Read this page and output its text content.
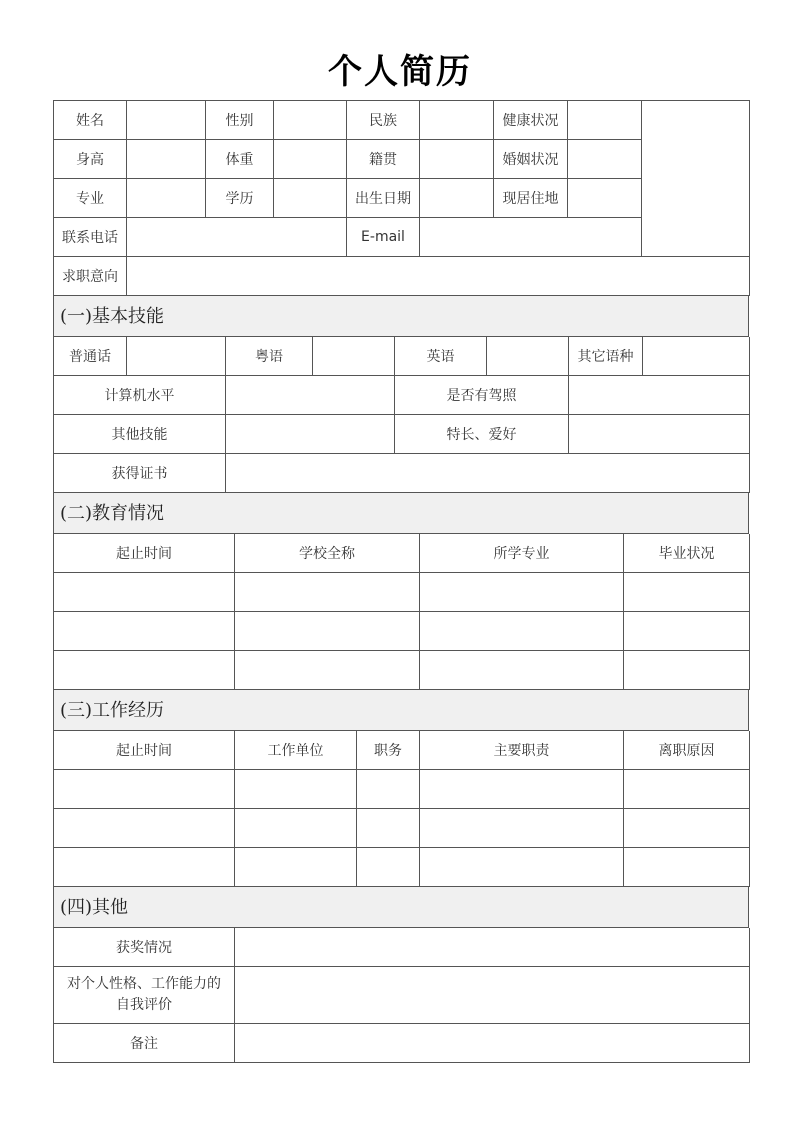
个人简历
姓名		性别		民族		健康状况		
身高		体重		籍贯		婚姻状况		
专业		学历		出生日期		现居住地		
联系电话				E-mail				
求职意向								
(一)基本技能
普通话		粤语		英语		其它语种	
计算机水平				是否有驾照			
其他技能				特长、爱好			
获得证书							
(二)教育情况
起止时间	学校全称	所学专业	毕业状况

(三)工作经历
起止时间	工作单位	职务	主要职责	离职原因

(四)其他
获奖情况	

对个人性格、工作能力的
自我评价	

备注	
